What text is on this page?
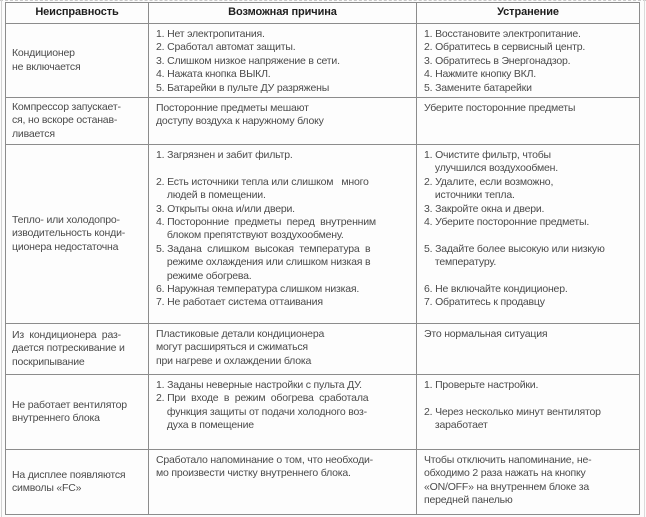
Неисправность	Возможная причина	Устранение
Кондиционер
не включается
1. Нет электропитания.
2. Сработал автомат защиты.
3. Слишком низкое напряжение в сети.
4. Нажата кнопка ВЫКЛ.
5. Батарейки в пульте ДУ разряжены
1. Восстановите электропитание.
2. Обратитесь в сервисный центр.
3. Обратитесь в Энергонадзор.
4. Нажмите кнопку ВКЛ.
5. Замените батарейки
Компрессор запускает-
ся, но вскоре останав-
ливается
Посторонние предметы мешают
доступу воздуха к наружному блоку
Уберите посторонние предметы
Тепло- или холодопро-
изводительность конди-
ционера недостаточна
1. Загрязнен и забит фильтр.
2. Есть источники тепла или слишком   много
людей в помещении.
3. Открыты окна и/или двери.
4. Посторонние  предметы  перед  внутренним
блоком препятствуют воздухообмену.
5. Задана  слишком  высокая  температура  в
режиме охлаждения или слишком низкая в
режиме обогрева.
6. Наружная температура слишком низкая.
7. Не работает система оттаивания
1. Очистите фильтр, чтобы
улучшился воздухообмен.
2. Удалите, если возможно,
источники тепла.
3. Закройте окна и двери.
4. Уберите посторонние предметы.
5. Задайте более высокую или низкую
температуру.
6. Не включайте кондиционер.
7. Обратитесь к продавцу
Из  кондиционера  раз-
дается потрескивание и
поскрипывание
Пластиковые детали кондиционера
могут расширяться и сжиматься
при нагреве и охлаждении блока
Это нормальная ситуация
Не работает вентилятор
внутреннего блока
1. Заданы неверные настройки с пульта ДУ.
2. При  входе  в  режим  обогрева  сработала
функция защиты от подачи холодного воз-
духа в помещение
1. Проверьте настройки.
2. Через несколько минут вентилятор
заработает
На дисплее появляются
символы «FC»
Сработало напоминание о том, что необходи-
мо произвести чистку внутреннего блока.
Чтобы отключить напоминание, не-
обходимо 2 раза нажать на кнопку
«ON/OFF» на внутреннем блоке за
передней панелью
